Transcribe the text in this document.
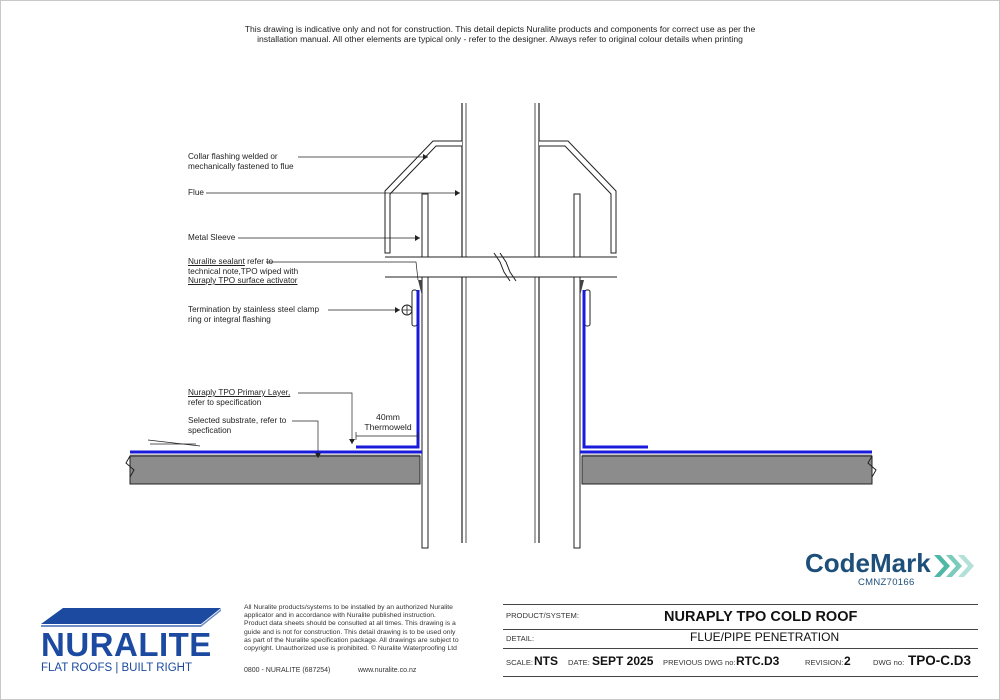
This drawing is indicative only and not for construction. This detail depicts Nuralite products and components for correct use as per the
installation manual. All other elements are typical only - refer to the designer. Always refer to original colour details when printing
Collar flashing welded or
mechanically fastened to flue
Flue
Metal Sleeve
Nuralite sealant refer to
technical note,TPO wiped with
Nuraply TPO surface activator
Termination by stainless steel clamp
ring or integral flashing
Nuraply TPO Primary Layer,
refer to specification
Selected substrate, refer to
specfication
40mm
Thermoweld
CodeMark
CMNZ70166
NURALITE
FLAT ROOFS | BUILT RIGHT
All Nuralite products/systems to be installed by an authorized Nuralite
applicator and in accordance with Nuralite published instruction.
Product data sheets should be consulted at all times. This drawing is a
guide and is not for construction. This detail drawing is to be used only
as part of the Nuralite specification package. All drawings are subject to
copyright. Unauthorized use is prohibited. © Nuralite Waterproofing Ltd
0800 - NURALITE (687254)	www.nuralite.co.nz
PRODUCT/SYSTEM:	NURAPLY TPO COLD ROOF
DETAIL:	FLUE/PIPE PENETRATION
SCALE: NTS DATE: SEPT 2025 PREVIOUS DWG no: RTC.D3	REVISION: 2	DWG no: TPO-C.D3
